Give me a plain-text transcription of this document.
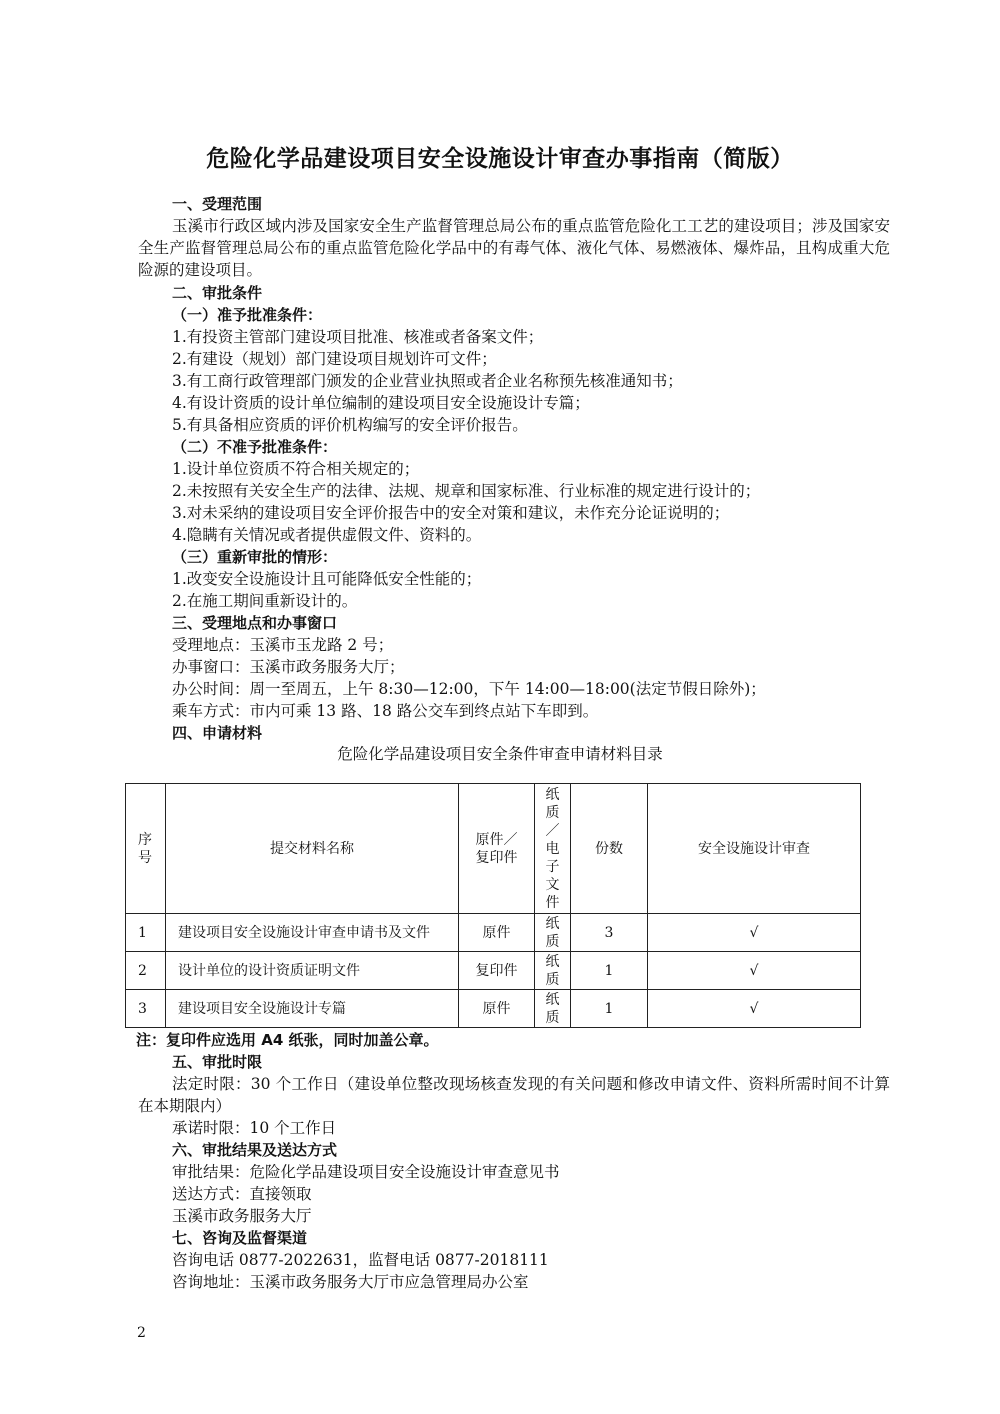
危险化学品建设项目安全设施设计审查办事指南（简版）
一、受理范围
玉溪市行政区域内涉及国家安全生产监督管理总局公布的重点监管危险化工工艺的建设项目；涉及国家安全生产监督管理总局公布的重点监管危险化学品中的有毒气体、液化气体、易燃液体、爆炸品，且构成重大危险源的建设项目。
二、审批条件
（一）准予批准条件：
1.有投资主管部门建设项目批准、核准或者备案文件；
2.有建设（规划）部门建设项目规划许可文件；
3.有工商行政管理部门颁发的企业营业执照或者企业名称预先核准通知书；
4.有设计资质的设计单位编制的建设项目安全设施设计专篇；
5.有具备相应资质的评价机构编写的安全评价报告。
（二）不准予批准条件：
1.设计单位资质不符合相关规定的；
2.未按照有关安全生产的法律、法规、规章和国家标准、行业标准的规定进行设计的；
3.对未采纳的建设项目安全评价报告中的安全对策和建议，未作充分论证说明的；
4.隐瞒有关情况或者提供虚假文件、资料的。
（三）重新审批的情形：
1.改变安全设施设计且可能降低安全性能的；
2.在施工期间重新设计的。
三、受理地点和办事窗口
受理地点：玉溪市玉龙路 2 号；
办事窗口：玉溪市政务服务大厅；
办公时间：周一至周五，上午 8:30—12:00，下午 14:00—18:00(法定节假日除外)；
乘车方式：市内可乘 13 路、18 路公交车到终点站下车即到。
四、申请材料
危险化学品建设项目安全条件审查申请材料目录
序号	提交材料名称	原件／复印件	纸质／电子文件	份数	安全设施设计审查
1	建设项目安全设施设计审查申请书及文件	原件	纸质	3	√
2	设计单位的设计资质证明文件	复印件	纸质	1	√
3	建设项目安全设施设计专篇	原件	纸质	1	√
注：复印件应选用 A4 纸张，同时加盖公章。
五、审批时限
法定时限：30 个工作日（建设单位整改现场核查发现的有关问题和修改申请文件、资料所需时间不计算在本期限内）
承诺时限：10 个工作日
六、审批结果及送达方式
审批结果：危险化学品建设项目安全设施设计审查意见书
送达方式：直接领取
玉溪市政务服务大厅
七、咨询及监督渠道
咨询电话 0877-2022631，监督电话 0877-2018111
咨询地址：玉溪市政务服务大厅市应急管理局办公室
2
